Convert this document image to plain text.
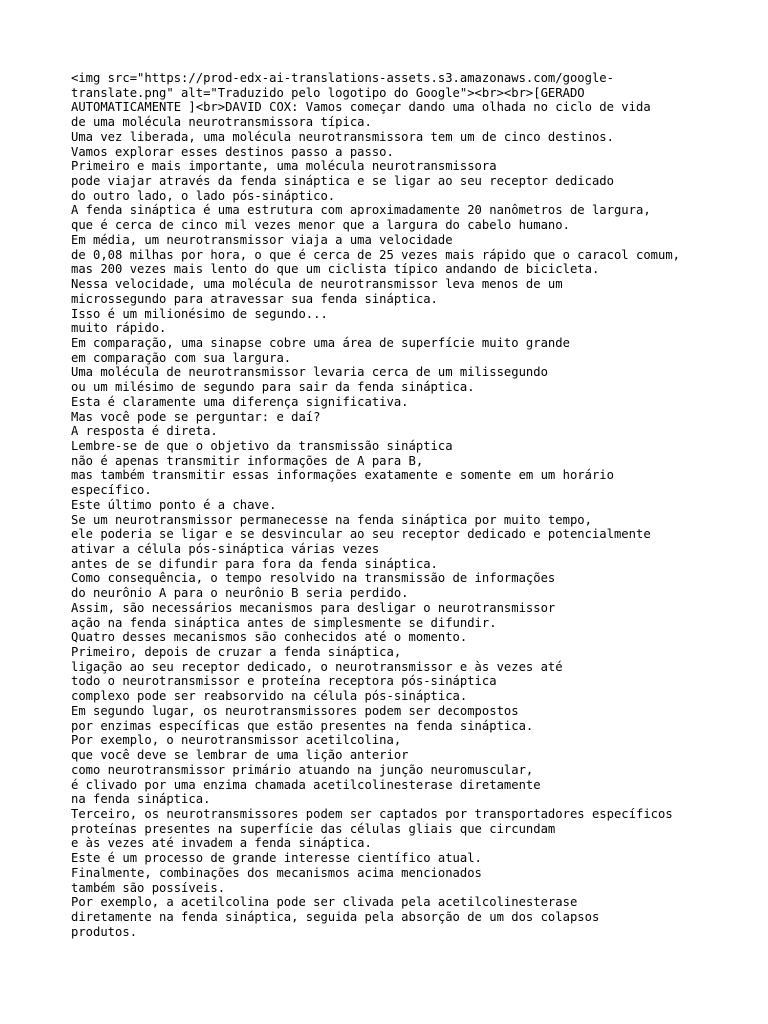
<img src="https://prod-edx-ai-translations-assets.s3.amazonaws.com/google-
translate.png" alt="Traduzido pelo logotipo do Google"><br><br>[GERADO
AUTOMATICAMENTE ]<br>DAVID COX: Vamos começar dando uma olhada no ciclo de vida
de uma molécula neurotransmissora típica.
Uma vez liberada, uma molécula neurotransmissora tem um de cinco destinos.
Vamos explorar esses destinos passo a passo.
Primeiro e mais importante, uma molécula neurotransmissora
pode viajar através da fenda sináptica e se ligar ao seu receptor dedicado
do outro lado, o lado pós-sináptico.
A fenda sináptica é uma estrutura com aproximadamente 20 nanômetros de largura,
que é cerca de cinco mil vezes menor que a largura do cabelo humano.
Em média, um neurotransmissor viaja a uma velocidade
de 0,08 milhas por hora, o que é cerca de 25 vezes mais rápido que o caracol comum,
mas 200 vezes mais lento do que um ciclista típico andando de bicicleta.
Nessa velocidade, uma molécula de neurotransmissor leva menos de um
microssegundo para atravessar sua fenda sináptica.
Isso é um milionésimo de segundo...
muito rápido.
Em comparação, uma sinapse cobre uma área de superfície muito grande
em comparação com sua largura.
Uma molécula de neurotransmissor levaria cerca de um milissegundo
ou um milésimo de segundo para sair da fenda sináptica.
Esta é claramente uma diferença significativa.
Mas você pode se perguntar: e daí?
A resposta é direta.
Lembre-se de que o objetivo da transmissão sináptica
não é apenas transmitir informações de A para B,
mas também transmitir essas informações exatamente e somente em um horário
específico.
Este último ponto é a chave.
Se um neurotransmissor permanecesse na fenda sináptica por muito tempo,
ele poderia se ligar e se desvincular ao seu receptor dedicado e potencialmente
ativar a célula pós-sináptica várias vezes
antes de se difundir para fora da fenda sináptica.
Como consequência, o tempo resolvido na transmissão de informações
do neurônio A para o neurônio B seria perdido.
Assim, são necessários mecanismos para desligar o neurotransmissor
ação na fenda sináptica antes de simplesmente se difundir.
Quatro desses mecanismos são conhecidos até o momento.
Primeiro, depois de cruzar a fenda sináptica,
ligação ao seu receptor dedicado, o neurotransmissor e às vezes até
todo o neurotransmissor e proteína receptora pós-sináptica
complexo pode ser reabsorvido na célula pós-sináptica.
Em segundo lugar, os neurotransmissores podem ser decompostos
por enzimas específicas que estão presentes na fenda sináptica.
Por exemplo, o neurotransmissor acetilcolina,
que você deve se lembrar de uma lição anterior
como neurotransmissor primário atuando na junção neuromuscular,
é clivado por uma enzima chamada acetilcolinesterase diretamente
na fenda sináptica.
Terceiro, os neurotransmissores podem ser captados por transportadores específicos
proteínas presentes na superfície das células gliais que circundam
e às vezes até invadem a fenda sináptica.
Este é um processo de grande interesse científico atual.
Finalmente, combinações dos mecanismos acima mencionados
também são possíveis.
Por exemplo, a acetilcolina pode ser clivada pela acetilcolinesterase
diretamente na fenda sináptica, seguida pela absorção de um dos colapsos
produtos.
